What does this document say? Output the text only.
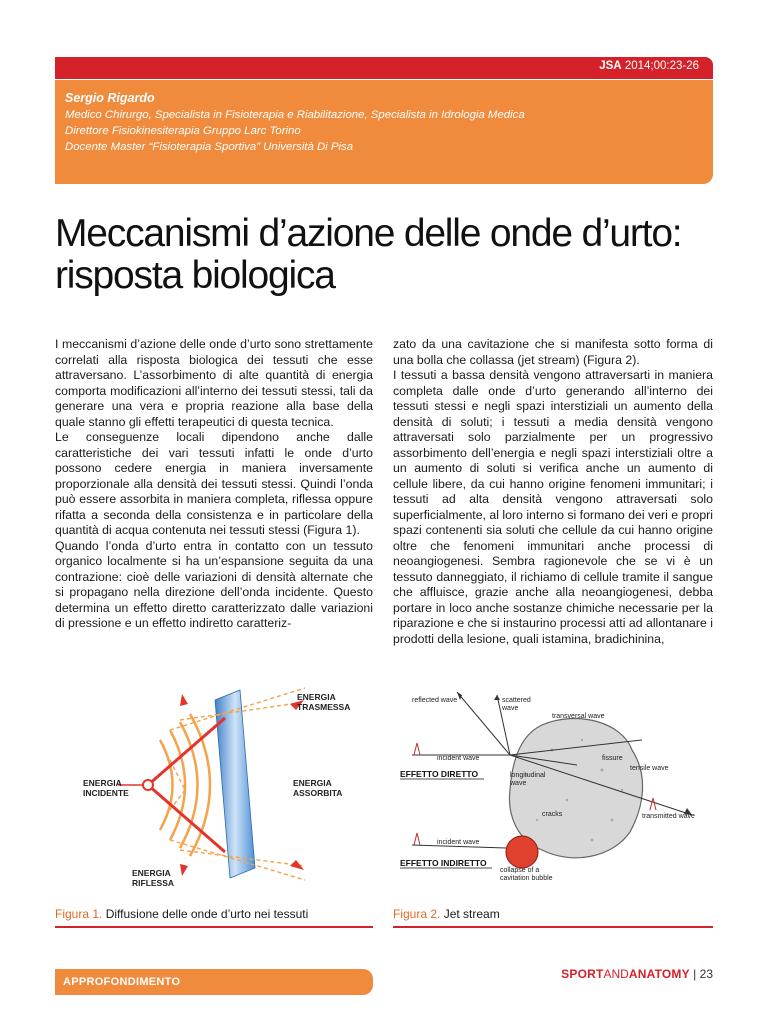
JSA 2014;00:23-26
Sergio Rigardo
Medico Chirurgo, Specialista in Fisioterapia e Riabilitazione, Specialista in Idrologia Medica
Direttore Fisiokinesiterapia Gruppo Larc Torino
Docente Master “Fisioterapia Sportiva” Università Di Pisa
Meccanismi d’azione delle onde d’urto:
risposta biologica

I meccanismi d’azione delle onde d’urto sono strettamente correlati alla risposta biologica dei tessuti che esse attraversano. L’assorbimento di alte quantità di energia comporta modificazioni all’interno dei tessuti stessi, tali da generare una vera e propria reazione alla base della quale stanno gli effetti terapeutici di questa tecnica.

Le conseguenze locali dipendono anche dalle caratteristiche dei vari tessuti infatti le onde d’urto possono cedere energia in maniera inversamente proporzionale alla densità dei tessuti stessi. Quindi l’onda può essere assorbita in maniera completa, riflessa oppure rifatta a seconda della consistenza e in particolare della quantità di acqua contenuta nei tessuti stessi (Figura 1).

Quando l’onda d’urto entra in contatto con un tessuto organico localmente si ha un’espansione seguita da una contrazione: cioè delle variazioni di densità alternate che si propagano nella direzione dell’onda incidente. Questo determina un effetto diretto caratterizzato dalle variazioni di pressione e un effetto indiretto caratteriz-

zato da una cavitazione che si manifesta sotto forma di una bolla che collassa (jet stream) (Figura 2).

I tessuti a bassa densità vengono attraversarti in maniera completa dalle onde d’urto generando all’interno dei tessuti stessi e negli spazi interstiziali un aumento della densità di soluti; i tessuti a media densità vengono attraversati solo parzialmente per un progressivo assorbimento dell’energia e negli spazi interstiziali oltre a un aumento di soluti si verifica anche un aumento di cellule libere, da cui hanno origine fenomeni immunitari; i tessuti ad alta densità vengono attraversati solo superficialmente, al loro interno si formano dei veri e propri spazi contenenti sia soluti che cellule da cui hanno origine oltre che fenomeni immunitari anche processi di neoangiogenesi. Sembra ragionevole che se vi è un tessuto danneggiato, il richiamo di cellule tramite il sangue che affluisce, grazie anche alla neoangiogenesi, debba portare in loco anche sostanze chimiche necessarie per la riparazione e che si instaurino processi atti ad allontanare i prodotti della lesione, quali istamina, bradichinina,

ENERGIA
TRASMESSA
ENERGIA
INCIDENTE
ENERGIA
ASSORBITA
ENERGIA
RIFLESSA
reflected wave	scattered
wave
transversal wave
incident wave	fissure
tensile wave
longitudinal
wave
cracks	transmitted wave
incident wave
collapse of a
cavitation bubble
EFFETTO DIRETTO
EFFETTO INDIRETTO
Figura 1. Diffusione delle onde d’urto nei tessuti	Figura 2. Jet stream
APPROFONDIMENTO
SPORTANDANATOMY | 23
